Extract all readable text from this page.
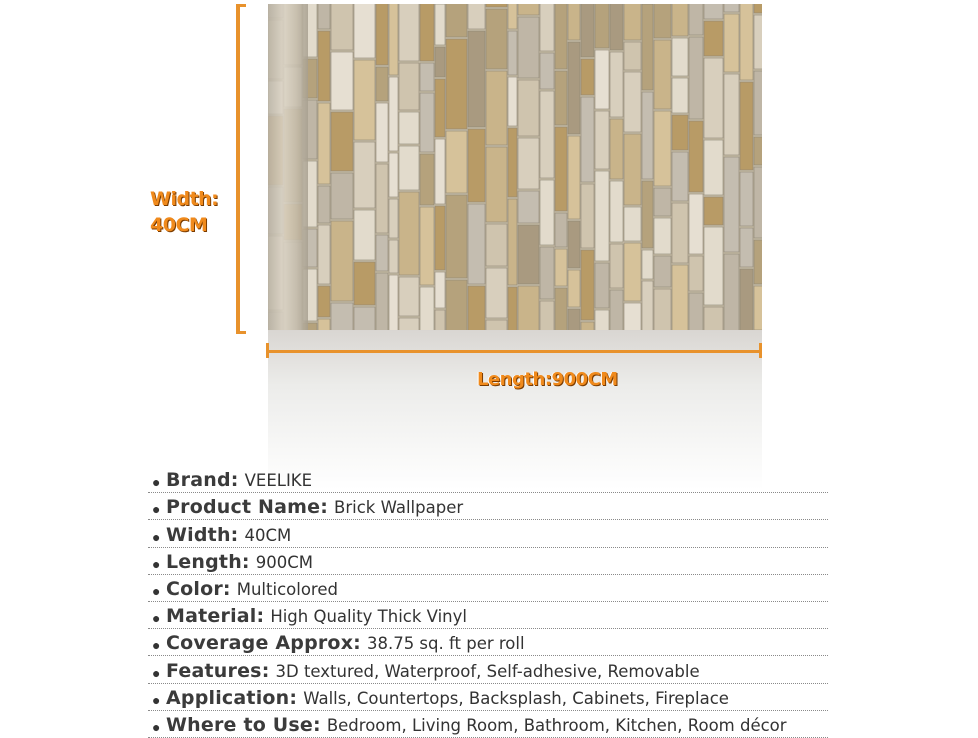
Width: 40CM
Length:900CM
● Brand: VEELIKE
● Product Name: Brick Wallpaper
● Width: 40CM
● Length: 900CM
● Color: Multicolored
● Material: High Quality Thick Vinyl
● Coverage Approx: 38.75 sq. ft per roll
● Features: 3D textured, Waterproof, Self-adhesive, Removable
● Application: Walls, Countertops, Backsplash, Cabinets, Fireplace
● Where to Use: Bedroom, Living Room, Bathroom, Kitchen, Room décor
